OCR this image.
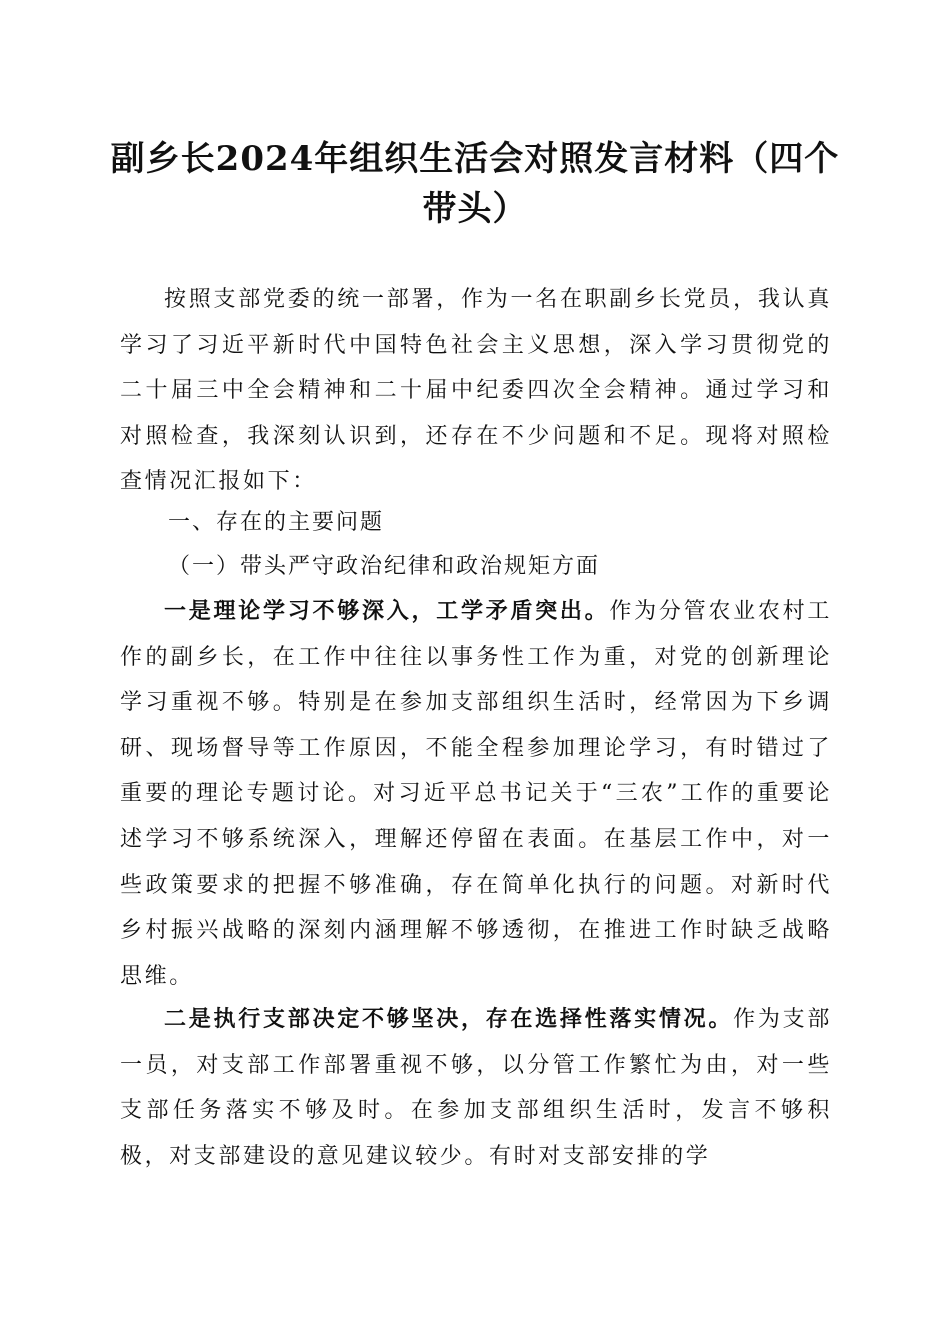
副乡长2024年组织生活会对照发言材料（四个带头）

按照支部党委的统一部署，作为一名在职副乡长党员，我认真学习了习近平新时代中国特色社会主义思想，深入学习贯彻党的二十届三中全会精神和二十届中纪委四次全会精神。通过学习和对照检查，我深刻认识到，还存在不少问题和不足。现将对照检查情况汇报如下：

一、存在的主要问题

（一）带头严守政治纪律和政治规矩方面

一是理论学习不够深入，工学矛盾突出。作为分管农业农村工作的副乡长，在工作中往往以事务性工作为重，对党的创新理论学习重视不够。特别是在参加支部组织生活时，经常因为下乡调研、现场督导等工作原因，不能全程参加理论学习，有时错过了重要的理论专题讨论。对习近平总书记关于“三农”工作的重要论述学习不够系统深入，理解还停留在表面。在基层工作中，对一些政策要求的把握不够准确，存在简单化执行的问题。对新时代乡村振兴战略的深刻内涵理解不够透彻，在推进工作时缺乏战略思维。

二是执行支部决定不够坚决，存在选择性落实情况。作为支部一员，对支部工作部署重视不够，以分管工作繁忙为由，对一些支部任务落实不够及时。在参加支部组织生活时，发言不够积极，对支部建设的意见建议较少。有时对支部安排的学
